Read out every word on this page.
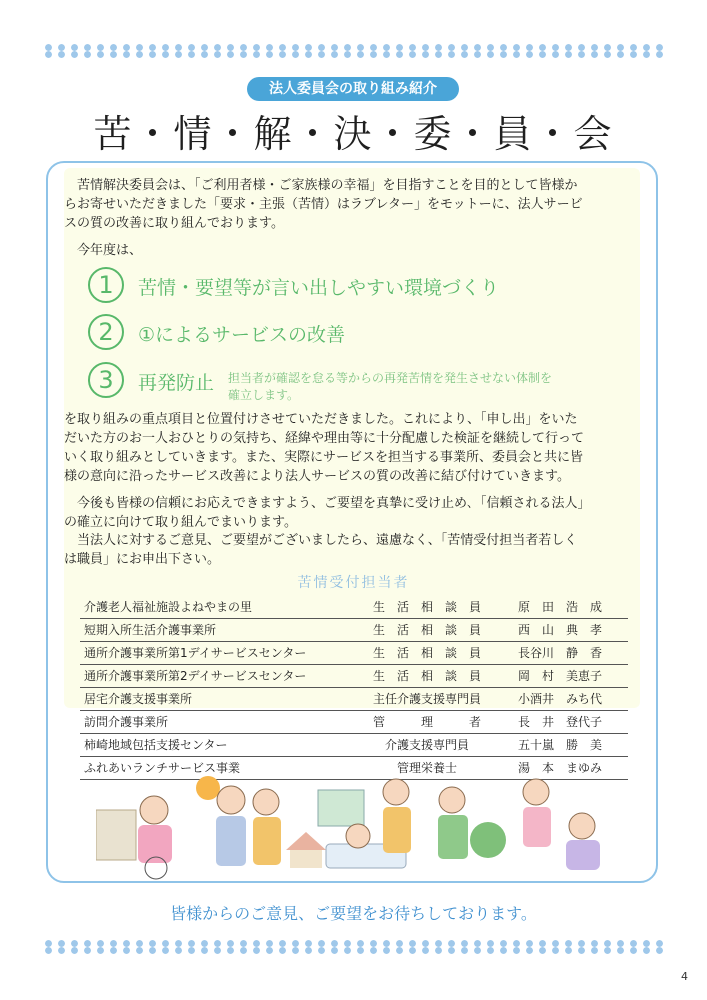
法人委員会の取り組み紹介
苦・情・解・決・委・員・会
苦情解決委員会は、「ご利用者様・ご家族様の幸福」を目指すことを目的として皆様か
らお寄せいただきました「要求・主張（苦情）はラブレター」をモットーに、法人サービ
スの質の改善に取り組んでおります。
今年度は、
1	苦情・要望等が言い出しやすい環境づくり
2	①によるサービスの改善
3	再発防止 担当者が確認を怠る等からの再発苦情を発生させない体制を
確立します。
を取り組みの重点項目と位置付けさせていただきました。これにより、「申し出」をいた
だいた方のお一人おひとりの気持ち、経緯や理由等に十分配慮した検証を継続して行って
いく取り組みとしていきます。また、実際にサービスを担当する事業所、委員会と共に皆
様の意向に沿ったサービス改善により法人サービスの質の改善に結び付けていきます。
今後も皆様の信頼にお応えできますよう、ご要望を真摯に受け止め､「信頼される法人」
の確立に向けて取り組んでまいります。
当法人に対するご意見、ご要望がございましたら、遠慮なく、「苦情受付担当者若しく
は職員」にお申出下さい。
苦情受付担当者
介護老人福祉施設よねやまの里	生　活　相　談　員	原　田　浩　成
短期入所生活介護事業所	生　活　相　談　員	西　山　典　孝
通所介護事業所第1デイサービスセンター	生　活　相　談　員	長谷川　静　香
通所介護事業所第2デイサービスセンター	生　活　相　談　員	岡　村　美恵子
居宅介護支援事業所	主任介護支援専門員	小酒井　みち代
訪問介護事業所	管　　　理　　　者	長　井　登代子
柿崎地域包括支援センター	介護支援専門員	五十嵐　勝　美
ふれあいランチサービス事業	管理栄養士	湯　本　まゆみ
皆様からのご意見、ご要望をお待ちしております。
4
